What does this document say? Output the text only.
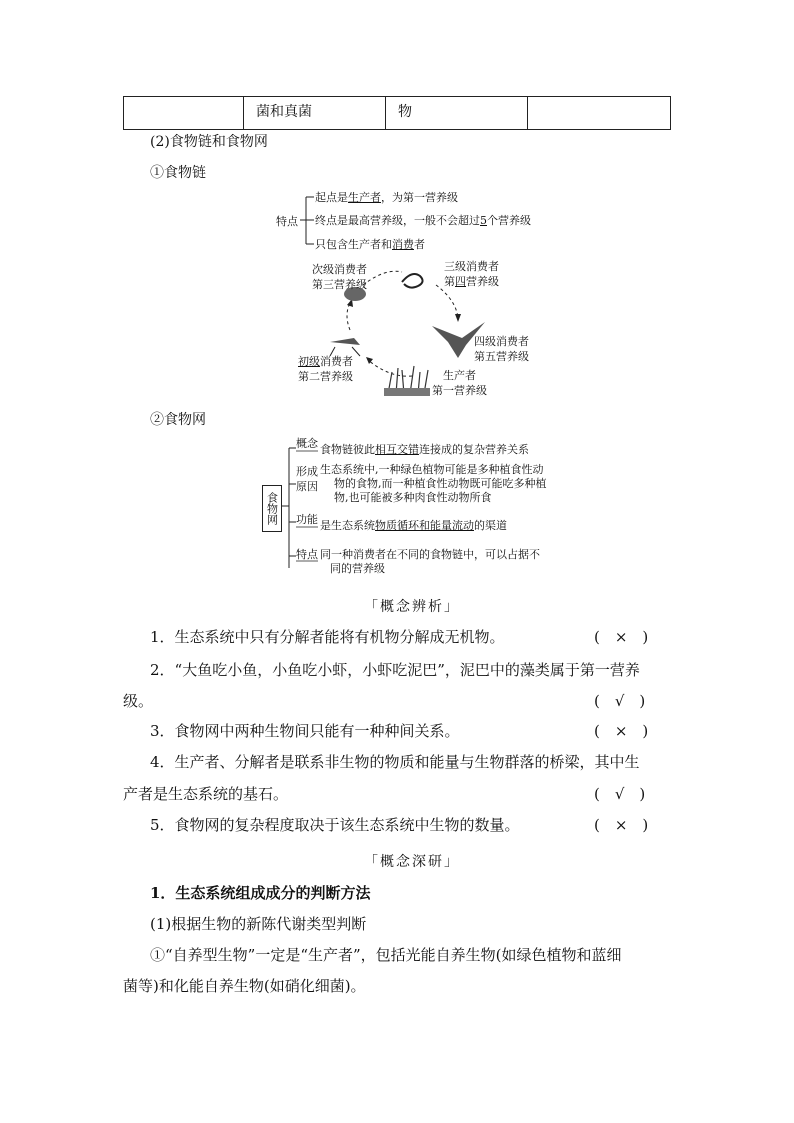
菌和真菌	物
(2)食物链和食物网
①食物链
特点
起点是生产者，为第一营养级
终点是最高营养级，一般不会超过5个营养级
只包含生产者和消费者
次级消费者
第三营养级
三级消费者
第四营养级
四级消费者
第五营养级
初级消费者
第二营养级	生产者
第一营养级
②食物网
食物网
概念 食物链彼此相互交错连接成的复杂营养关系
形成
原因
生态系统中,一种绿色植物可能是多种植食性动
物的食物,而一种植食性动物既可能吃多种植
物,也可能被多种肉食性动物所食
功能 是生态系统物质循环和能量流动的渠道
特点 同一种消费者在不同的食物链中，可以占据不
同的营养级
「概念辨析」
1．生态系统中只有分解者能将有机物分解成无机物。	(　×　)
2．“大鱼吃小鱼，小鱼吃小虾，小虾吃泥巴”，泥巴中的藻类属于第一营养
级。	(　√　)
3．食物网中两种生物间只能有一种种间关系。	(　×　)
4．生产者、分解者是联系非生物的物质和能量与生物群落的桥梁，其中生
产者是生态系统的基石。	(　√　)
5．食物网的复杂程度取决于该生态系统中生物的数量。	(　×　)
「概念深研」
1．生态系统组成成分的判断方法
(1)根据生物的新陈代谢类型判断
①“自养型生物”一定是“生产者”，包括光能自养生物(如绿色植物和蓝细
菌等)和化能自养生物(如硝化细菌)。
